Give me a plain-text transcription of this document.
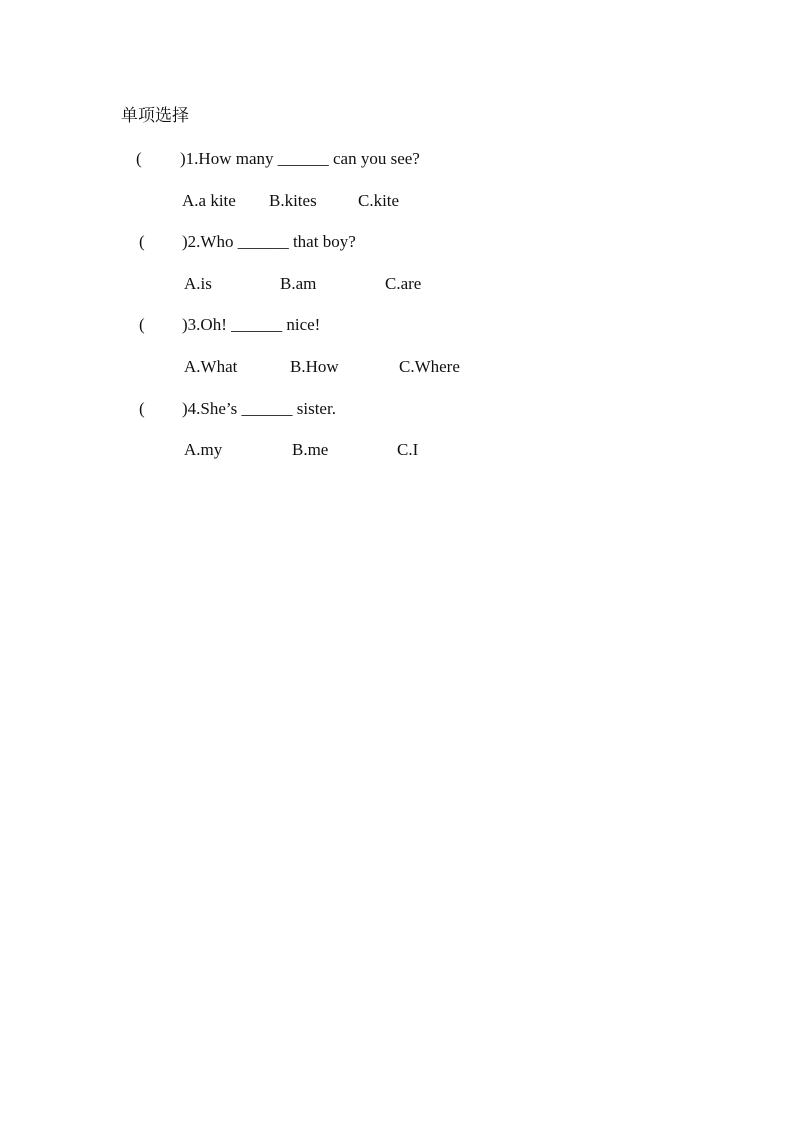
单项选择
( )1.How many ______ can you see?
A.a kite B.kites C.kite
( )2.Who ______ that boy?
A.is	B.am	C.are
( )3.Oh! ______ nice!
A.What	B.How	C.Where
( )4.She’s ______ sister.
A.my	B.me	C.I
